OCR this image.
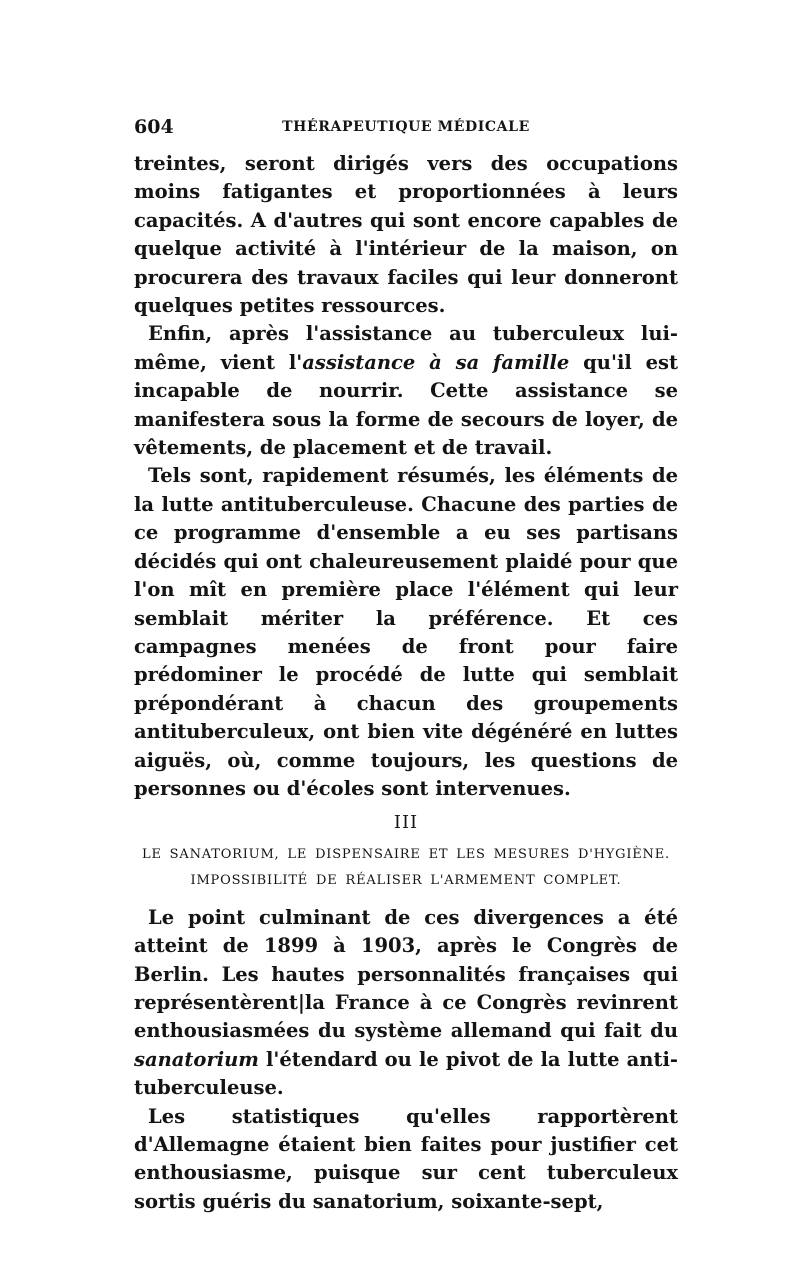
604	THÉRAPEUTIQUE MÉDICALE

treintes, seront dirigés vers des occupations moins fatigantes et proportionnées à leurs capacités. A d'autres qui sont encore capables de quelque activité à l'intérieur de la maison, on procurera des travaux faciles qui leur donneront quelques petites ressources.

Enfin, après l'assistance au tuberculeux lui-même, vient l'assistance à sa famille qu'il est incapable de nourrir. Cette assistance se manifestera sous la forme de secours de loyer, de vêtements, de placement et de travail.

Tels sont, rapidement résumés, les éléments de la lutte antituberculeuse. Chacune des parties de ce programme d'ensemble a eu ses partisans décidés qui ont chaleureusement plaidé pour que l'on mît en première place l'élément qui leur semblait mériter la préférence. Et ces campagnes menées de front pour faire prédominer le procédé de lutte qui semblait prépondérant à chacun des groupements antituberculeux, ont bien vite dégénéré en luttes aiguës, où, comme toujours, les questions de personnes ou d'écoles sont intervenues.

III

LE SANATORIUM, LE DISPENSAIRE ET LES MESURES D'HYGIÈNE.
IMPOSSIBILITÉ DE RÉALISER L'ARMEMENT COMPLET.

Le point culminant de ces divergences a été atteint de 1899 à 1903, après le Congrès de Berlin. Les hautes personnalités françaises qui représentèrent|la France à ce Congrès revinrent enthousiasmées du système allemand qui fait du sanatorium l'étendard ou le pivot de la lutte anti-tuberculeuse.

Les statistiques qu'elles rapportèrent d'Allemagne étaient bien faites pour justifier cet enthousiasme, puisque sur cent tuberculeux sortis guéris du sanatorium, soixante-sept,
